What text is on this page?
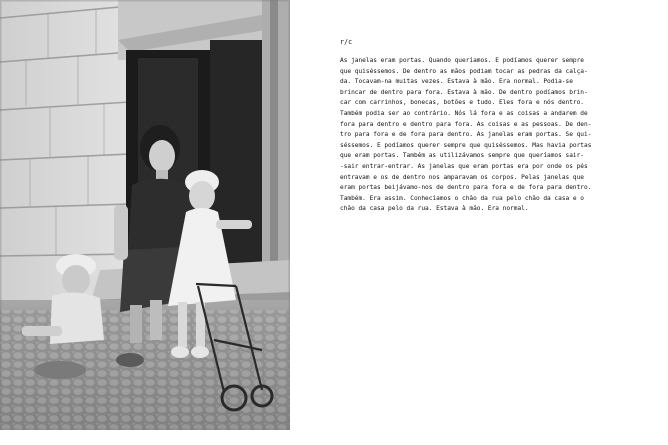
r/c
As janelas eram portas. Quando queríamos. E podíamos querer sempre
que quiséssemos. De dentro as mãos podiam tocar as pedras da calça-
da. Tocavam-na muitas vezes. Estava à mão. Era normal. Podia-se
brincar de dentro para fora. Estava à mão. De dentro podíamos brin-
car com carrinhos, bonecas, botões e tudo. Eles fora e nós dentro.
Também podia ser ao contrário. Nós lá fora e as coisas a andarem de
fora para dentro e dentro para fora. As coisas e as pessoas. De den-
tro para fora e de fora para dentro. As janelas eram portas. Se qui-
séssemos. E podíamos querer sempre que quiséssemos. Mas havia portas
que eram portas. Também as utilizávamos sempre que queríamos sair-
-sair entrar-entrar. As janelas que eram portas era por onde os pés
entravam e os de dentro nos amparavam os corpos. Pelas janelas que
eram portas beijávamo-nos de dentro para fora e de fora para dentro.
Também. Era assim. Conhecíamos o chão da rua pelo chão da casa e o
chão da casa pelo da rua. Estava à mão. Era normal.
